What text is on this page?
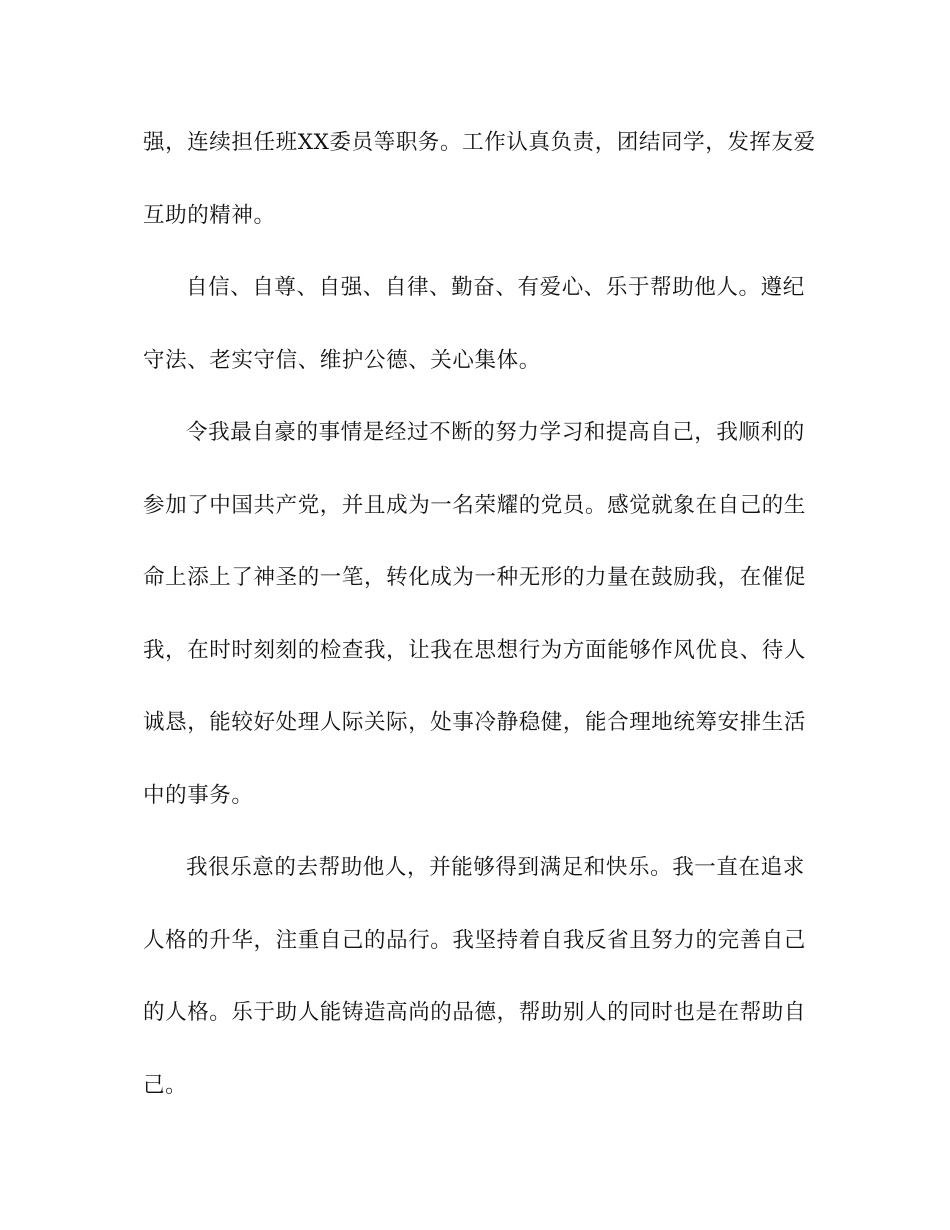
强，连续担任班XX委员等职务。工作认真负责，团结同学，发挥友爱
互助的精神。
自信、自尊、自强、自律、勤奋、有爱心、乐于帮助他人。遵纪
守法、老实守信、维护公德、关心集体。
令我最自豪的事情是经过不断的努力学习和提高自己，我顺利的
参加了中国共产党，并且成为一名荣耀的党员。感觉就象在自己的生
命上添上了神圣的一笔，转化成为一种无形的力量在鼓励我，在催促
我，在时时刻刻的检查我，让我在思想行为方面能够作风优良、待人
诚恳，能较好处理人际关际，处事冷静稳健，能合理地统筹安排生活
中的事务。
我很乐意的去帮助他人，并能够得到满足和快乐。我一直在追求
人格的升华，注重自己的品行。我坚持着自我反省且努力的完善自己
的人格。乐于助人能铸造高尚的品德，帮助别人的同时也是在帮助自
己。
